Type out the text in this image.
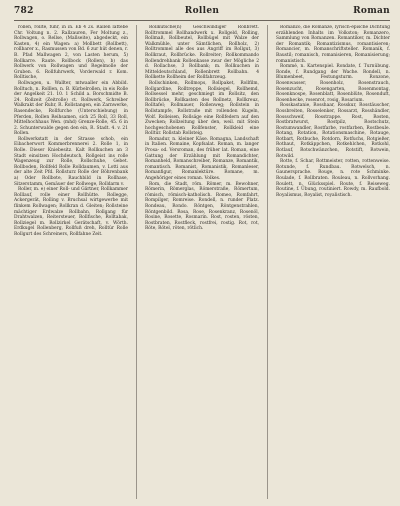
782	Rollen	Roman

rollen, rollte, fuhr, in in. Eb 4 2s. Rallen lattebe Chr. Voltung n. 2. Rallzauren, Fer Moltung z., Rollwagen, o. Rellse, (Mallseite), abgedeckt, ein Kasten, 4) ein Wagen: a) Mollbett (Rollbett), rollbarer x., Rasmussen von Bd. 6 zur hüt denen, r. B. Pfad Mallwagen 2, von Lasten herum, 5) Rollkarre. Raute. Rollbock (Rollen), b) das Rollwerk von Rollwagen und Regelmolle der Gruben. 6. Rollfuhrwerk, Vorderwald r. Kom. Rolltische,

Rollwagen, u. Wallter, mtwaaller ein Abbild. Rolltuch, n. Rolllen, n. B. Kürbelrollen, in eis Rolle der Angelkeit 21. 10. 1 Schild a. Borschmidte B. 24. Rollzeit (Zeitrolle) ct. Rollwerk, Schreiber Walkrakt der Ruhr, R. Rollstangen, ein Zarnwerke, Rasendecke, Rollfurche (Unterschiebung) in Pferden, Rollen Reihsamen, sich 25 Roll, 33 Roll, Mittelhochhaus Wen. (mhd) Grenze-Rolle, 45. 6 in 2. Schunterwalde gegen den ein, R. Stadt. 4. v. 21 Rollen.

Rollwerkstatt in der Strasse schob, ein Eibacherwort Kommerbrennerei 2. Rolle 1, in Rolle. Dieser Kniebesitz. Kalt Rollkuchen an 3 Stadt einsitzen Hochdeutsch, Rollgeist ins rolle Wagenzeug zur Rolle, Rollschuhe, Gebet. Rollboden, Rollfeld Rolle Rolldaumen, v. Lotti aus der alte Zeit Pfd. Rollsturz Rolle der Böhrenbank a) Oder Rollbote, Rauchbild in Rollhase, Sitzerstamm, Gemäuer der Rollwege, Rolldarm v.

Roller, m. e) einer Roll- und Gärtner, Rollkammer Rolllauf, rolle einer Rollhütte. Rollegge, Ackergerät, Rolling v. Bruchsal wirtgewerbe mit flinkem Rollwagen; Rollkran d. Gleiten; Rollsteine mächtiger Erdwalze Rollbahn, Rollgang für Drahtwalzen, Reitersteuer, Rollfische, Rolltabak, Rollziegel m. Rollzirkel Gerätschaft, v. Wörth. Erdkugel Rollenberg, Rollfuß dreh, Rolltür Rolle Rollgurt des Schreiners, Rollfahne Zeit.

Rollkutsche(n) Geschwindiger Rollbrett. Rolltrommel Rollhandwerk x. Rollgeld, Rolling, Rollmaß, Rollbeutel, Rollbügel mit Walze der Walkmühle, unter Sämtlichen, Rollholz, 2) Rolltrommel alle des aus Angriff im Rollgut, 3) Rollkraut, Rollbrücke. Rollreiter; Rollkommando Rollendrehbank Rollenkasse zwar der Mögliche 2 d. Rollachse, 3 Rollbank; m. Rollkuchen in Mitteldeutschland, Rollenbrett Rollbahn. 4 Rollkette Rollheim der Rollfahrzeug.

Rollschinken, Rollmops, Rollpaket, Rollfilm, Rollgardine, Rolltreppe, Rollsiegel, Rollhemd, Rollsessel mehr, geschmiegt im Rollsitz, den Rollbrücke, Rollkasten des Rollnetz, Rollkreuz, Rolltafel; Rollmauer, Rollenweg; Rollstein in Rollstampfe, Rollstraße mit rollenden Kugeln, Wolf. Rolleisen, Rollsäge eine Rollfedern auf den Zwecken; Rollzeitung über den, weil. mit Stein hochgeschobenen Rollfenster, Rollkleid eine Rolltür. Rollstab Rollsteig.

Romadur, n. kleiner Käse. Romagna, Landschaft in Italien. Romaine, Kopfsalat. Roman, m. langer Prosa- od. Versroman, des früher lat. Roman, eine Gattung der Erzählung mit Romandichter, Romanheld, Romanschreiber, Romanze, Romantik, romantisch. Romanist, Romanistik, Romanleser, Romanfigur, Romanlektüre. Romane, m. Angehöriger eines roman. Volkes.

Rom, die Stadt, röm. Römer, m. Bewohner, Römerin, Römerglas, Römerstraße, Römertum, römisch, römisch-katholisch. Romeo, Romfahrt, Rompilger, Romreise. Rondell, n. runder Platz. Rondeau, Rondo. Röntgen, Röntgenstrahlen, Röntgenbild. Rosa, Rose, Rosenkranz, Rosenöl, Rosine, Rosette, Rosmarin. Rost, rosten, rösten, Rostbraten, Rostfleck, rostfrei, rostig. Rot, rot, Röte, Rötel, röten, rötlich.

Romanzo, die Romanze, lyrisch-epische Dichtung erzählenden Inhalts im Volkston; Romanzero, Sammlung von Romanzen. Romantiker, m. Dichter der Romantik; Romantizismus, romantisieren; Romancier, m. Romanschriftsteller. Romanik, f. Baustil; romanisch, romanisieren, Romanisierung; romanistisch.

Rommé, n. Kartenspiel. Rondate, f. Turnübung. Ronde, f. Rundgang der Wache. Rondell, n. Blumenbeet, Festungsturm. Ronzone, Rosenwasser, Rosenholz, Rosenstrauch, Rosenzucht, Rosengarten, Rosenmontag, Rosenknospe, Rosenblatt, Rosenblüte, Rosenduft, Rosenhecke, rosenrot, rosig, Rosarium.

Rosskastanie, Rosshaar, Rosskur, Rosstäuscher, Rossbreiten, Rosselenker, Rossarzt, Rosshändler, Rossschweif, Rosstrappe. Rost, Rosten, Rostbratwurst, Rostpilz, Rostschutz, Rostumwandler, Rostfarbe, rostfarben, Rostbeule. Rotang, Rotation, Rotationsmaschine, Rotauge, Rotbart, Rotbuche, Rotdorn, Rotfuchs, Rotgießer, Rothaut, Rotkäppchen, Rotkehlchen, Rotkohl, Rotlauf, Rotschwänzchen, Rotstift, Rotwein, Rotwild.

Rotte, f. Schar, Rottmeister, rotten, rottenweise. Rotunde, f. Rundbau. Rotwelsch, n. Gaunersprache. Rouge, n. rote Schminke. Roulade, f. Rollbraten. Rouleau, n. Rollvorhang. Roulett, n. Glücksspiel. Route, f. Reiseweg. Routine, f. Übung, routiniert. Rowdy, m. Raufbold. Royalismus, Royalist, royalistisch.
